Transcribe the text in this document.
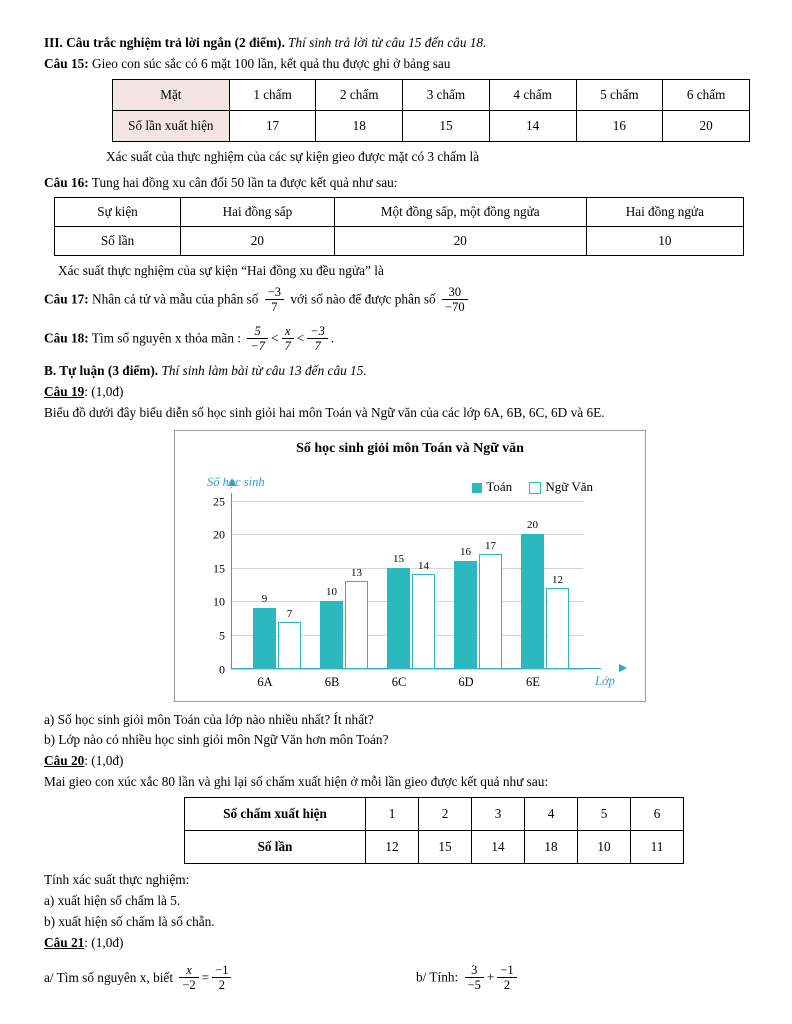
III. Câu trắc nghiệm trả lời ngắn (2 điểm). Thí sinh trả lời từ câu 15 đến câu 18.
Câu 15: Gieo con súc sắc có 6 mặt 100 lần, kết quả thu được ghi ở bảng sau
Mặt	1 chấm	2 chấm	3 chấm	4 chấm	5 chấm	6 chấm
Số lần xuất hiện	17	18	15	14	16	20
Xác suất của thực nghiệm của các sự kiện gieo được mặt có 3 chấm là
Câu 16: Tung hai đồng xu cân đối 50 lần ta được kết quả như sau:
Sự kiện	Hai đồng sấp	Một đồng sấp, một đồng ngửa	Hai đồng ngửa
Số lần	20	20	10
Xác suất thực nghiệm của sự kiện “Hai đồng xu đều ngửa” là
Câu 17: Nhân cả tử và mẫu của phân số $\frac{-3}{7}$ với số nào để được phân số $\frac{30}{-70}$
Câu 18: Tìm số nguyên x thỏa mãn : $\frac{5}{-7} < \frac{x}{7} < \frac{-3}{7}$ .
B. Tự luận (3 điểm). Thí sinh làm bài từ câu 13 đến câu 15.
Câu 19: (1,0đ)
Biểu đồ dưới đây biểu diễn số học sinh giỏi hai môn Toán và Ngữ văn của các lớp 6A, 6B, 6C, 6D và 6E.
Số học sinh giỏi môn Toán và Ngữ văn
Toán	Ngữ Văn
Số học sinh
Lớp
25
20
15
10
5
0
9
7
10
13
15
14
16	17
20
12
6A	6B	6C	6D	6E
a) Số học sinh giỏi môn Toán của lớp nào nhiều nhất? Ít nhất?
b) Lớp nào có nhiều học sinh giỏi môn Ngữ Văn hơn môn Toán?
Câu 20: (1,0đ)
Mai gieo con xúc xắc 80 lần và ghi lại số chấm xuất hiện ở mỗi lần gieo được kết quả như sau:
Số chấm xuất hiện	1	2	3	4	5	6
Số lần	12	15	14	18	10	11
Tính xác suất thực nghiệm:
a) xuất hiện số chấm là 5.
b) xuất hiện số chấm là số chẵn.
Câu 21: (1,0đ)
a/ Tìm số nguyên x, biết $\frac{x}{-2} = \frac{-1}{2}$	b/ Tính: $\frac{3}{-5} + \frac{-1}{2}$
